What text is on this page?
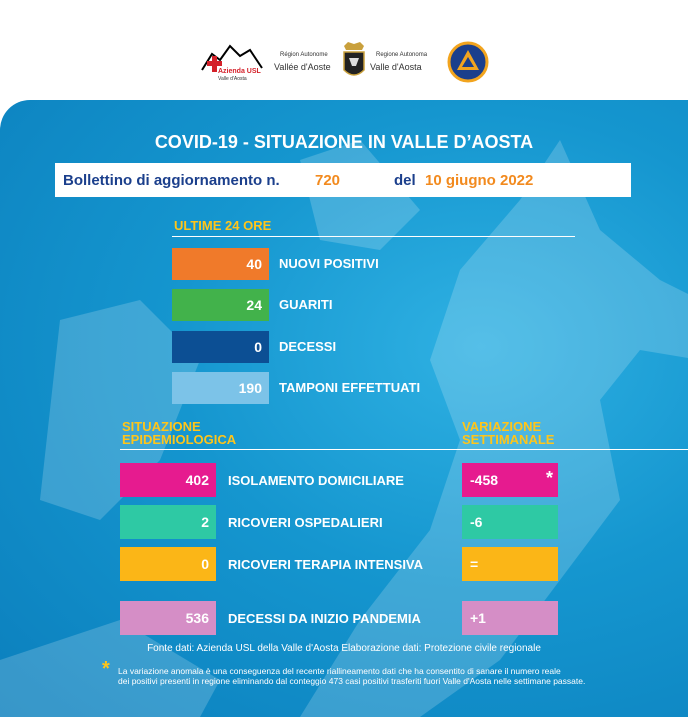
Azienda USL
Valle d'Aosta
Région Autonome
Vallée d'Aoste
Regione Autonoma
Valle d'Aosta
COVID-19 - SITUAZIONE IN VALLE D’AOSTA
Bollettino di aggiornamento n. 720	del 10 giugno 2022
ULTIME 24 ORE
40	NUOVI POSITIVI
24	GUARITI
0	DECESSI
190	TAMPONI EFFETTUATI
SITUAZIONE
EPIDEMIOLOGICA
VARIAZIONE
SETTIMANALE
402	ISOLAMENTO DOMICILIARE	-458	*
2	RICOVERI OSPEDALIERI	-6
0	RICOVERI TERAPIA INTENSIVA	=
536	DECESSI DA INIZIO PANDEMIA	+1
Fonte dati: Azienda USL della Valle d'Aosta Elaborazione dati: Protezione civile regionale
* La variazione anomala è una conseguenza del recente riallineamento dati che ha consentito di sanare il numero reale
dei positivi presenti in regione eliminando dal conteggio 473 casi positivi trasferiti fuori Valle d'Aosta nelle settimane passate.
